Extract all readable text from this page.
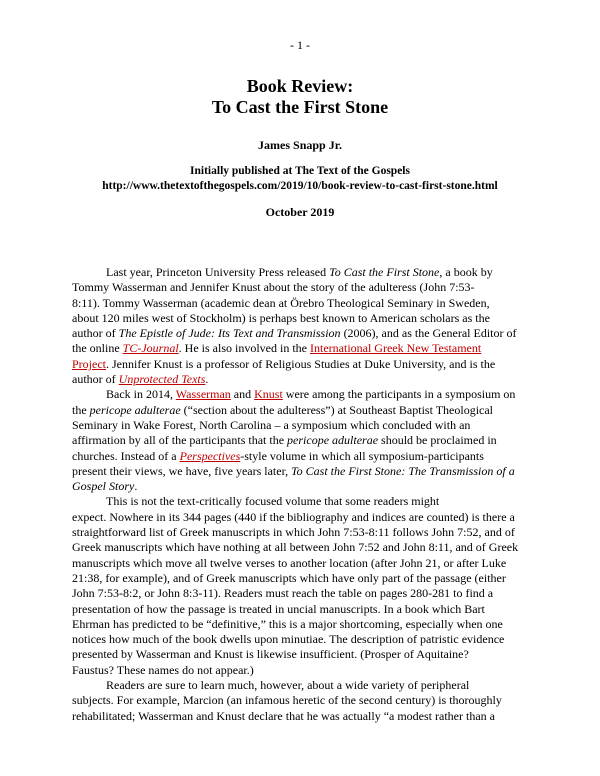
- 1 -
Book Review:
To Cast the First Stone
James Snapp Jr.
Initially published at The Text of the Gospels
http://www.thetextofthegospels.com/2019/10/book-review-to-cast-first-stone.html
October 2019
Last year, Princeton University Press released To Cast the First Stone, a book by
Tommy Wasserman and Jennifer Knust about the story of the adulteress (John 7:53-
8:11). Tommy Wasserman (academic dean at Örebro Theological Seminary in Sweden,
about 120 miles west of Stockholm) is perhaps best known to American scholars as the
author of The Epistle of Jude: Its Text and Transmission (2006), and as the General Editor of
the online TC-Journal. He is also involved in the International Greek New Testament
Project. Jennifer Knust is a professor of Religious Studies at Duke University, and is the
author of Unprotected Texts.
Back in 2014, Wasserman and Knust were among the participants in a symposium on
the pericope adulterae (“section about the adulteress”) at Southeast Baptist Theological
Seminary in Wake Forest, North Carolina – a symposium which concluded with an
affirmation by all of the participants that the pericope adulterae should be proclaimed in
churches. Instead of a Perspectives-style volume in which all symposium-participants
present their views, we have, five years later, To Cast the First Stone: The Transmission of a
Gospel Story.
This is not the text-critically focused volume that some readers might
expect. Nowhere in its 344 pages (440 if the bibliography and indices are counted) is there a
straightforward list of Greek manuscripts in which John 7:53-8:11 follows John 7:52, and of
Greek manuscripts which have nothing at all between John 7:52 and John 8:11, and of Greek
manuscripts which move all twelve verses to another location (after John 21, or after Luke
21:38, for example), and of Greek manuscripts which have only part of the passage (either
John 7:53-8:2, or John 8:3-11). Readers must reach the table on pages 280-281 to find a
presentation of how the passage is treated in uncial manuscripts. In a book which Bart
Ehrman has predicted to be “definitive,” this is a major shortcoming, especially when one
notices how much of the book dwells upon minutiae. The description of patristic evidence
presented by Wasserman and Knust is likewise insufficient. (Prosper of Aquitaine?
Faustus? These names do not appear.)
Readers are sure to learn much, however, about a wide variety of peripheral
subjects. For example, Marcion (an infamous heretic of the second century) is thoroughly
rehabilitated; Wasserman and Knust declare that he was actually “a modest rather than a
